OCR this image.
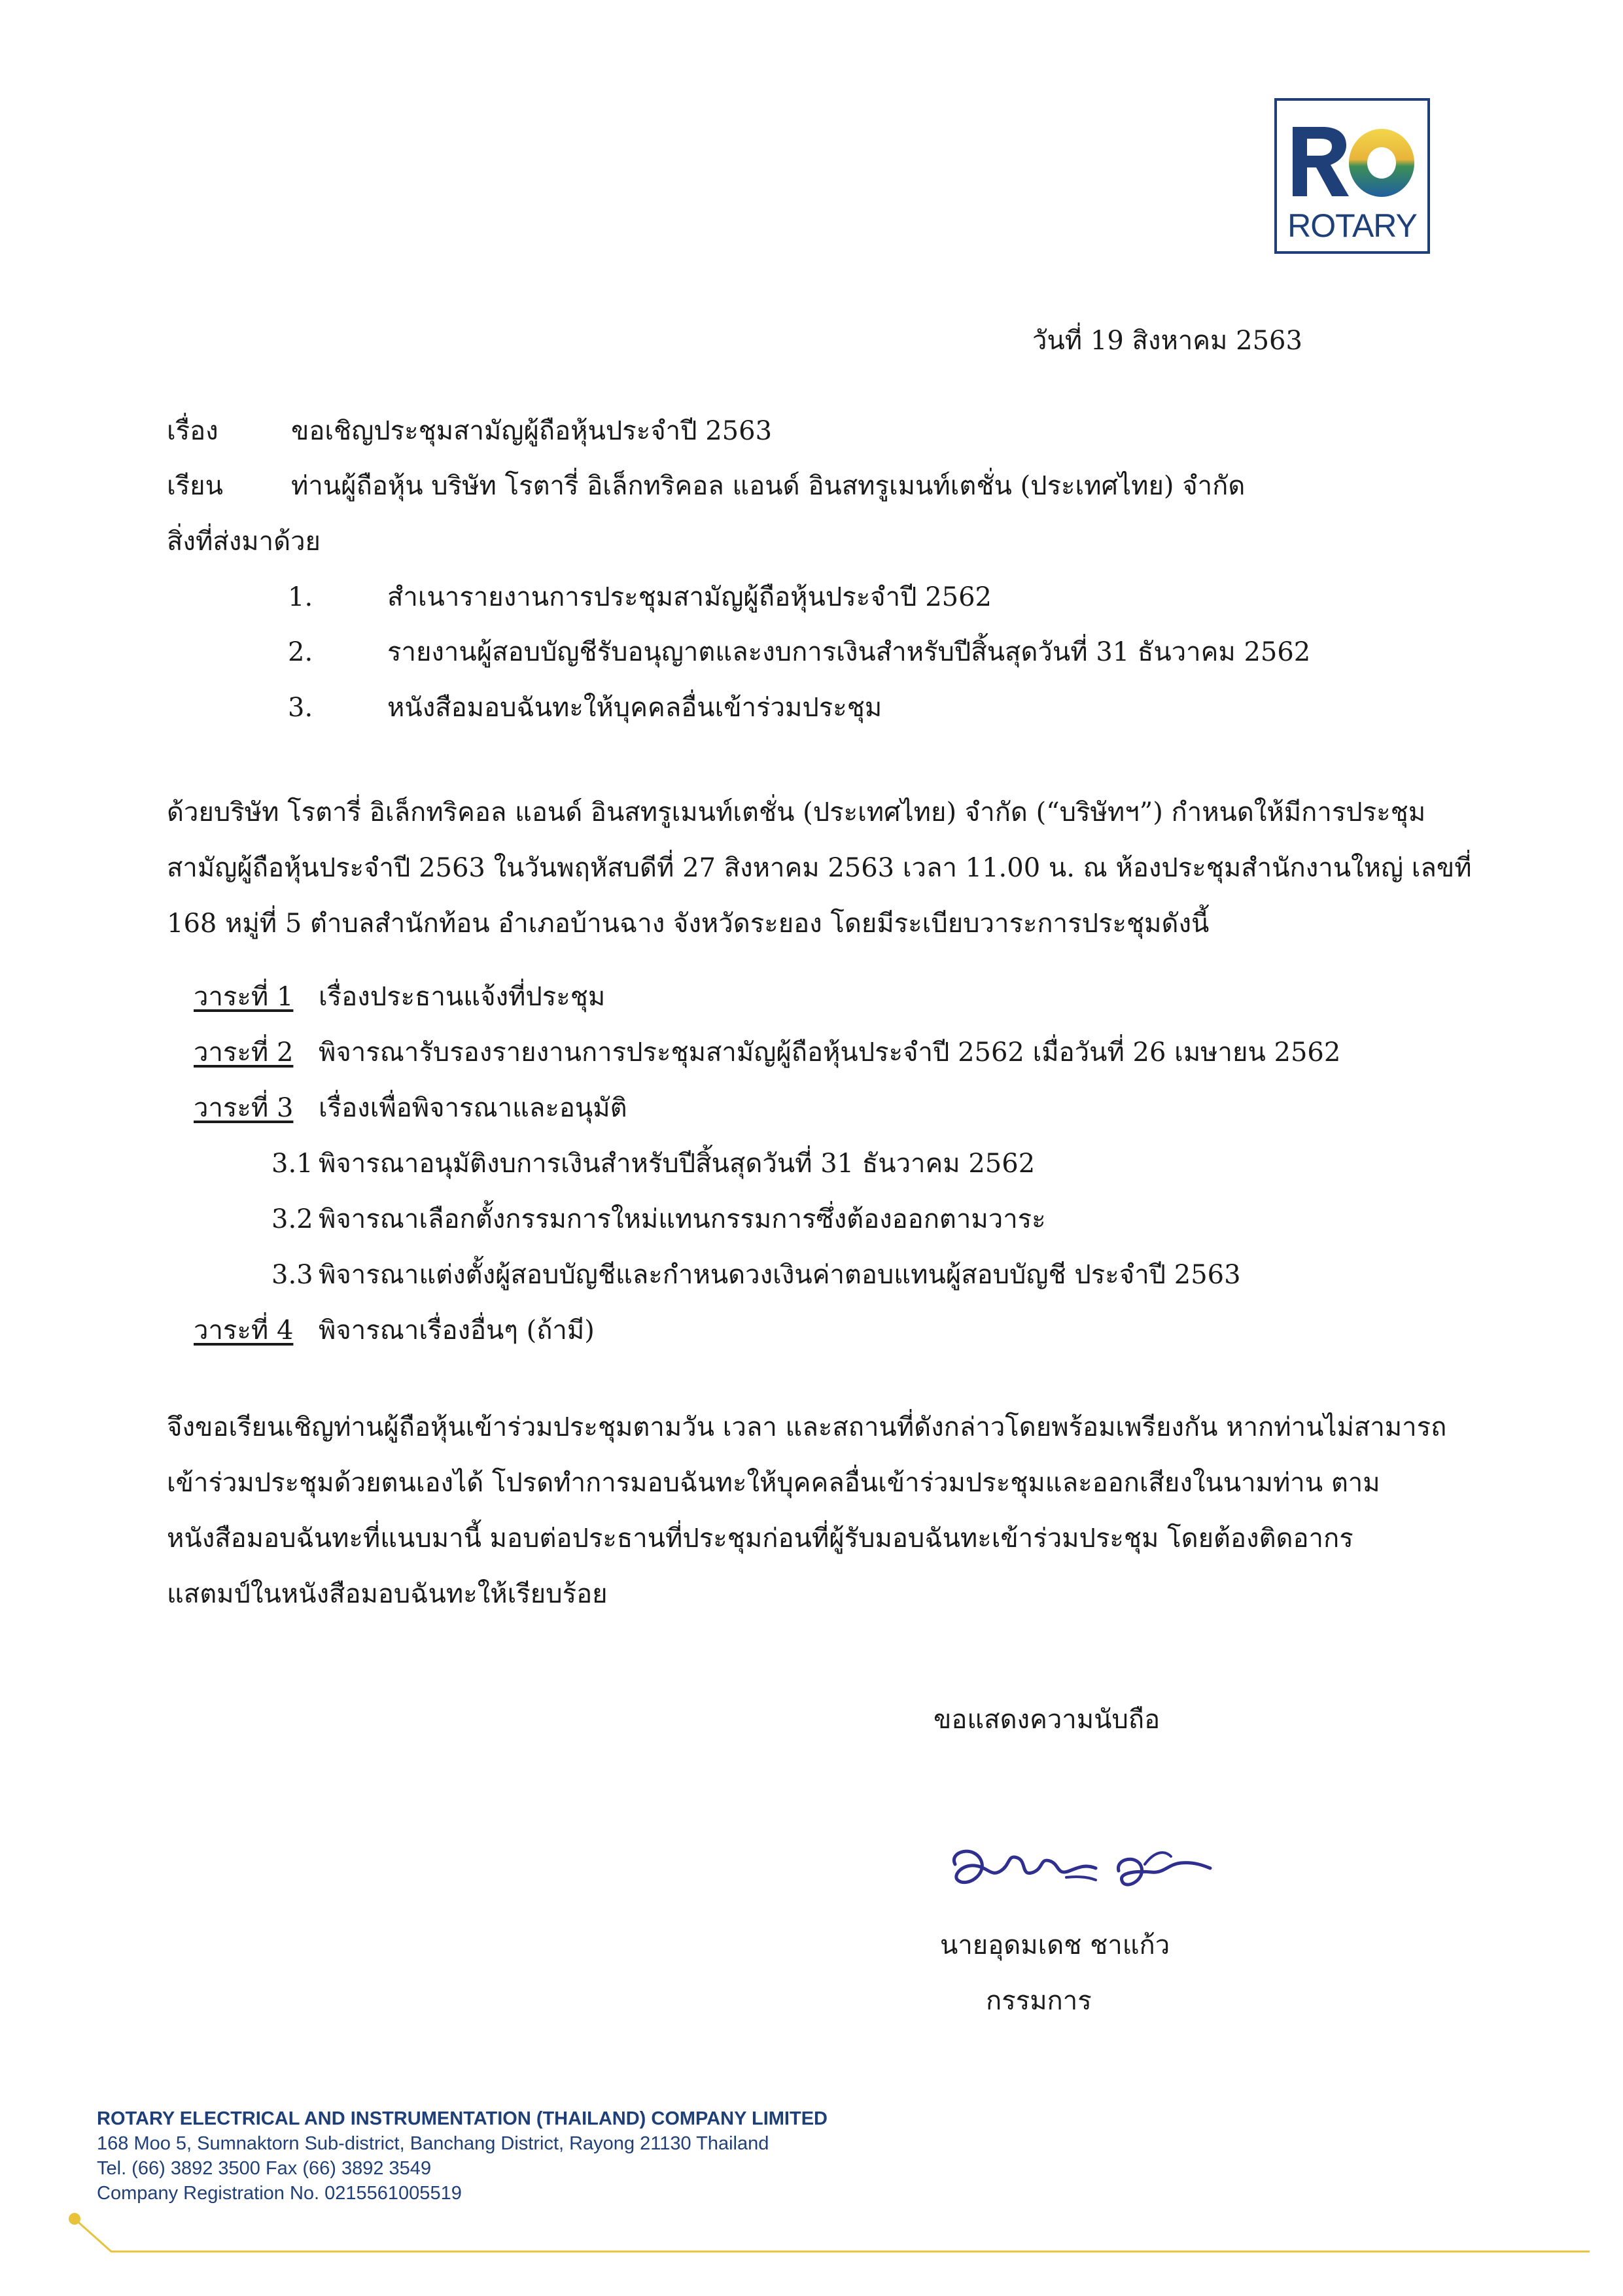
ROTARY
วันที่ 19 สิงหาคม 2563
เรื่อง	ขอเชิญประชุมสามัญผู้ถือหุ้นประจำปี 2563
เรียน	ท่านผู้ถือหุ้น บริษัท โรตารี่ อิเล็กทริคอล แอนด์ อินสทรูเมนท์เตชั่น (ประเทศไทย) จำกัด
สิ่งที่ส่งมาด้วย
1.	สำเนารายงานการประชุมสามัญผู้ถือหุ้นประจำปี 2562
2.	รายงานผู้สอบบัญชีรับอนุญาตและงบการเงินสำหรับปีสิ้นสุดวันที่ 31 ธันวาคม 2562
3.	หนังสือมอบฉันทะให้บุคคลอื่นเข้าร่วมประชุม
ด้วยบริษัท โรตารี่ อิเล็กทริคอล แอนด์ อินสทรูเมนท์เตชั่น (ประเทศไทย) จำกัด (“บริษัทฯ”) กำหนดให้มีการประชุม
สามัญผู้ถือหุ้นประจำปี 2563 ในวันพฤหัสบดีที่ 27 สิงหาคม 2563 เวลา 11.00 น. ณ ห้องประชุมสำนักงานใหญ่ เลขที่
168 หมู่ที่ 5 ตำบลสำนักท้อน อำเภอบ้านฉาง จังหวัดระยอง โดยมีระเบียบวาระการประชุมดังนี้
วาระที่ 1 เรื่องประธานแจ้งที่ประชุม
วาระที่ 2 พิจารณารับรองรายงานการประชุมสามัญผู้ถือหุ้นประจำปี 2562 เมื่อวันที่ 26 เมษายน 2562
วาระที่ 3 เรื่องเพื่อพิจารณาและอนุมัติ
3.1 พิจารณาอนุมัติงบการเงินสำหรับปีสิ้นสุดวันที่ 31 ธันวาคม 2562
3.2 พิจารณาเลือกตั้งกรรมการใหม่แทนกรรมการซึ่งต้องออกตามวาระ
3.3 พิจารณาแต่งตั้งผู้สอบบัญชีและกำหนดวงเงินค่าตอบแทนผู้สอบบัญชี ประจำปี 2563
วาระที่ 4 พิจารณาเรื่องอื่นๆ (ถ้ามี)
จึงขอเรียนเชิญท่านผู้ถือหุ้นเข้าร่วมประชุมตามวัน เวลา และสถานที่ดังกล่าวโดยพร้อมเพรียงกัน หากท่านไม่สามารถ
เข้าร่วมประชุมด้วยตนเองได้ โปรดทำการมอบฉันทะให้บุคคลอื่นเข้าร่วมประชุมและออกเสียงในนามท่าน ตาม
หนังสือมอบฉันทะที่แนบมานี้ มอบต่อประธานที่ประชุมก่อนที่ผู้รับมอบฉันทะเข้าร่วมประชุม โดยต้องติดอากร
แสตมป์ในหนังสือมอบฉันทะให้เรียบร้อย
ขอแสดงความนับถือ
นายอุดมเดช ชาแก้ว
กรรมการ
ROTARY ELECTRICAL AND INSTRUMENTATION (THAILAND) COMPANY LIMITED
168 Moo 5, Sumnaktorn Sub-district, Banchang District, Rayong 21130 Thailand
Tel. (66) 3892 3500 Fax (66) 3892 3549
Company Registration No. 0215561005519
